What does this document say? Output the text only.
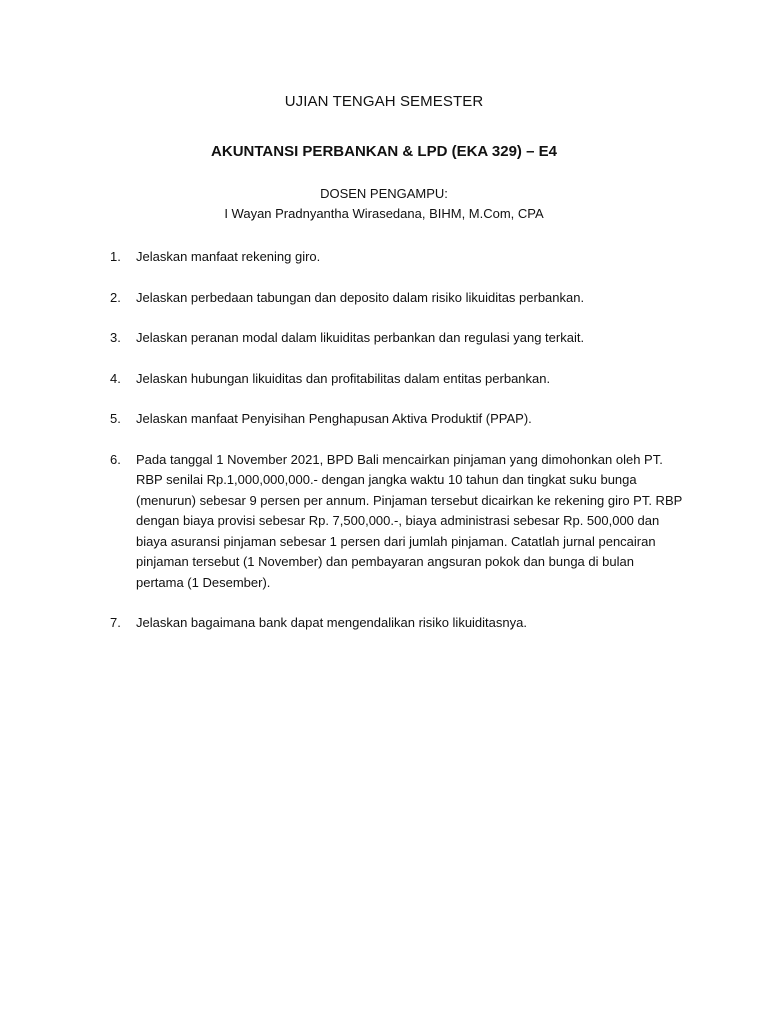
UJIAN TENGAH SEMESTER
AKUNTANSI PERBANKAN & LPD (EKA 329) – E4
DOSEN PENGAMPU:
I Wayan Pradnyantha Wirasedana, BIHM, M.Com, CPA
1.	Jelaskan manfaat rekening giro.
2.	Jelaskan perbedaan tabungan dan deposito dalam risiko likuiditas perbankan.
3.	Jelaskan peranan modal dalam likuiditas perbankan dan regulasi yang terkait.
4.	Jelaskan hubungan likuiditas dan profitabilitas dalam entitas perbankan.
5.	Jelaskan manfaat Penyisihan Penghapusan Aktiva Produktif (PPAP).
6.	Pada tanggal 1 November 2021, BPD Bali mencairkan pinjaman yang dimohonkan oleh PT. RBP senilai Rp.1,000,000,000.- dengan jangka waktu 10 tahun dan tingkat suku bunga (menurun) sebesar 9 persen per annum. Pinjaman tersebut dicairkan ke rekening giro PT. RBP dengan biaya provisi sebesar Rp. 7,500,000.-, biaya administrasi sebesar Rp. 500,000 dan biaya asuransi pinjaman sebesar 1 persen dari jumlah pinjaman. Catatlah jurnal pencairan pinjaman tersebut (1 November) dan pembayaran angsuran pokok dan bunga di bulan pertama (1 Desember).
7.	Jelaskan bagaimana bank dapat mengendalikan risiko likuiditasnya.
